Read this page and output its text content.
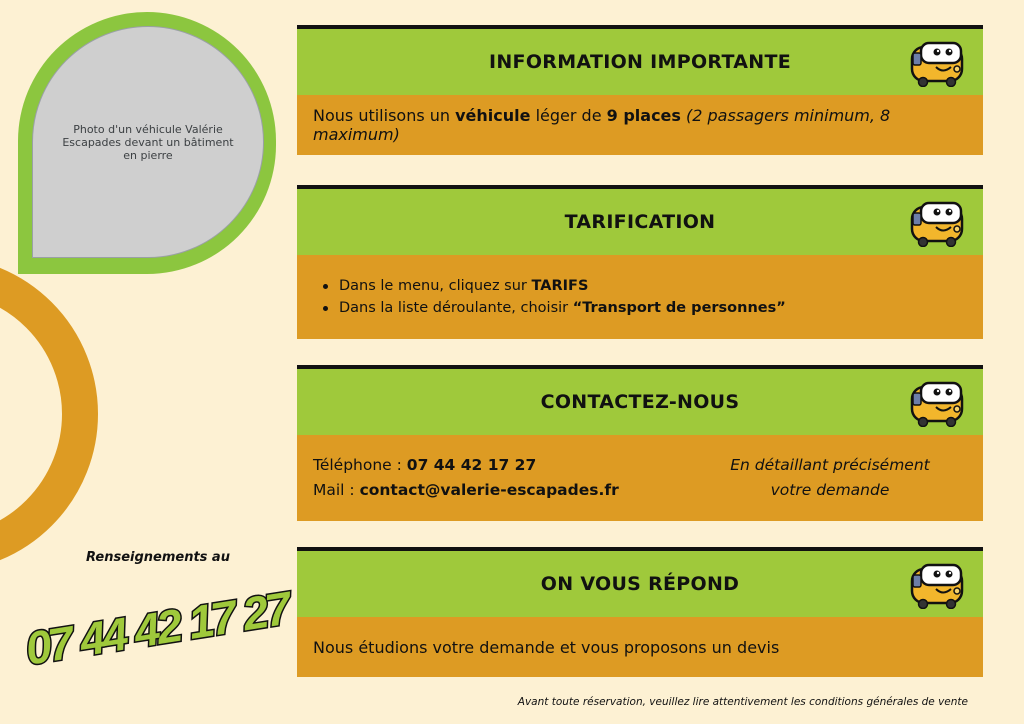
Photo d'un véhicule Valérie Escapades devant un bâtiment en pierre
Renseignements au
07 44 42 17 27
INFORMATION IMPORTANTE

Nous utilisons un véhicule léger de 9 places (2 passagers minimum, 8 maximum)

TARIFICATION
Dans le menu, cliquez sur TARIFS
Dans la liste déroulante, choisir “Transport de personnes”
CONTACTEZ-NOUS
Téléphone : 07 44 42 17 27
Mail : contact@valerie-escapades.fr
En détaillant précisément
votre demande
ON VOUS RÉPOND

Nous étudions votre demande et vous proposons un devis

Avant toute réservation, veuillez lire attentivement les conditions générales de vente
